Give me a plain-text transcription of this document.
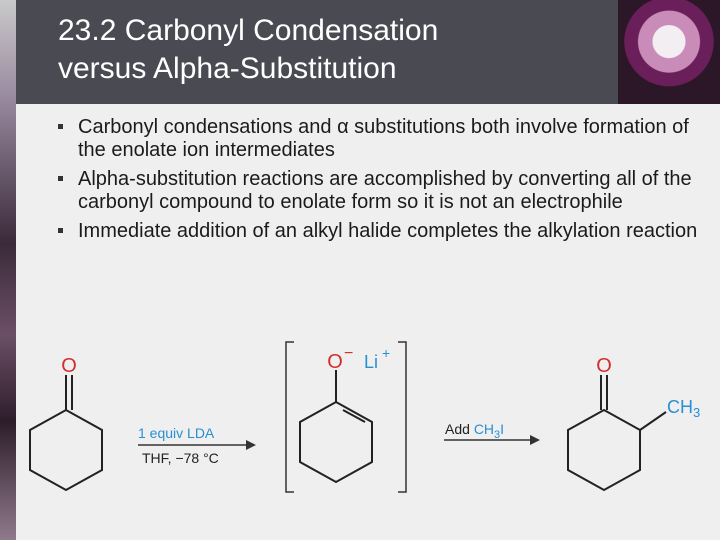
23.2 Carbonyl Condensation
versus Alpha-Substitution
Carbonyl condensations and α substitutions both involve formation of the enolate ion intermediates
Alpha-substitution reactions are accomplished by converting all of the carbonyl compound to enolate form so it is not an electrophile
Immediate addition of an alkyl halide completes the alkylation reaction
O
1 equiv LDA
THF, −78 °C
O − Li +
Add $CH_3I$
O
$CH_3$
